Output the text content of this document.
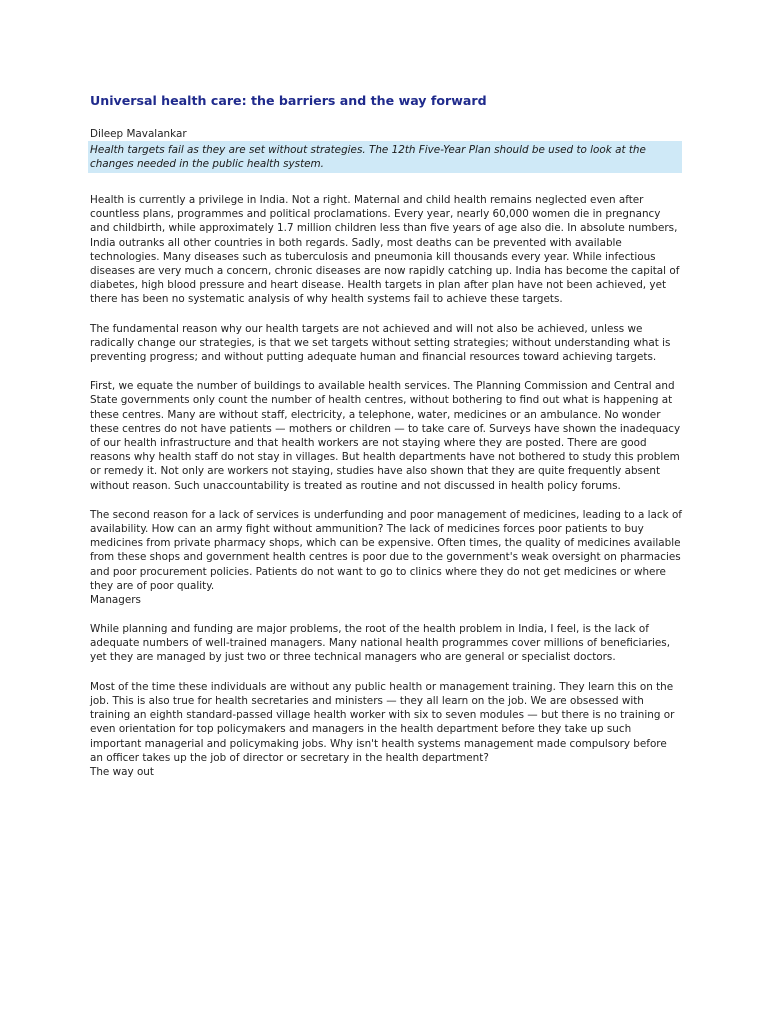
Universal health care: the barriers and the way forward
Dileep Mavalankar
Health targets fail as they are set without strategies. The 12th Five-Year Plan should be used to look at the changes needed in the public health system.

Health is currently a privilege in India. Not a right. Maternal and child health remains neglected even after countless plans, programmes and political proclamations. Every year, nearly 60,000 women die in pregnancy and childbirth, while approximately 1.7 million children less than five years of age also die. In absolute numbers, India outranks all other countries in both regards. Sadly, most deaths can be prevented with available technologies. Many diseases such as tuberculosis and pneumonia kill thousands every year. While infectious diseases are very much a concern, chronic diseases are now rapidly catching up. India has become the capital of diabetes, high blood pressure and heart disease. Health targets in plan after plan have not been achieved, yet there has been no systematic analysis of why health systems fail to achieve these targets.

The fundamental reason why our health targets are not achieved and will not also be achieved, unless we radically change our strategies, is that we set targets without setting strategies; without understanding what is preventing progress; and without putting adequate human and financial resources toward achieving targets.

First, we equate the number of buildings to available health services. The Planning Commission and Central and State governments only count the number of health centres, without bothering to find out what is happening at these centres. Many are without staff, electricity, a telephone, water, medicines or an ambulance. No wonder these centres do not have patients — mothers or children — to take care of. Surveys have shown the inadequacy of our health infrastructure and that health workers are not staying where they are posted. There are good reasons why health staff do not stay in villages. But health departments have not bothered to study this problem or remedy it. Not only are workers not staying, studies have also shown that they are quite frequently absent without reason. Such unaccountability is treated as routine and not discussed in health policy forums.

The second reason for a lack of services is underfunding and poor management of medicines, leading to a lack of availability. How can an army fight without ammunition? The lack of medicines forces poor patients to buy medicines from private pharmacy shops, which can be expensive. Often times, the quality of medicines available from these shops and government health centres is poor due to the government's weak oversight on pharmacies and poor procurement policies. Patients do not want to go to clinics where they do not get medicines or where they are of poor quality.

Managers

While planning and funding are major problems, the root of the health problem in India, I feel, is the lack of adequate numbers of well-trained managers. Many national health programmes cover millions of beneficiaries, yet they are managed by just two or three technical managers who are general or specialist doctors.

Most of the time these individuals are without any public health or management training. They learn this on the job. This is also true for health secretaries and ministers — they all learn on the job. We are obsessed with training an eighth standard-passed village health worker with six to seven modules — but there is no training or even orientation for top policymakers and managers in the health department before they take up such important managerial and policymaking jobs. Why isn't health systems management made compulsory before an officer takes up the job of director or secretary in the health department?

The way out
